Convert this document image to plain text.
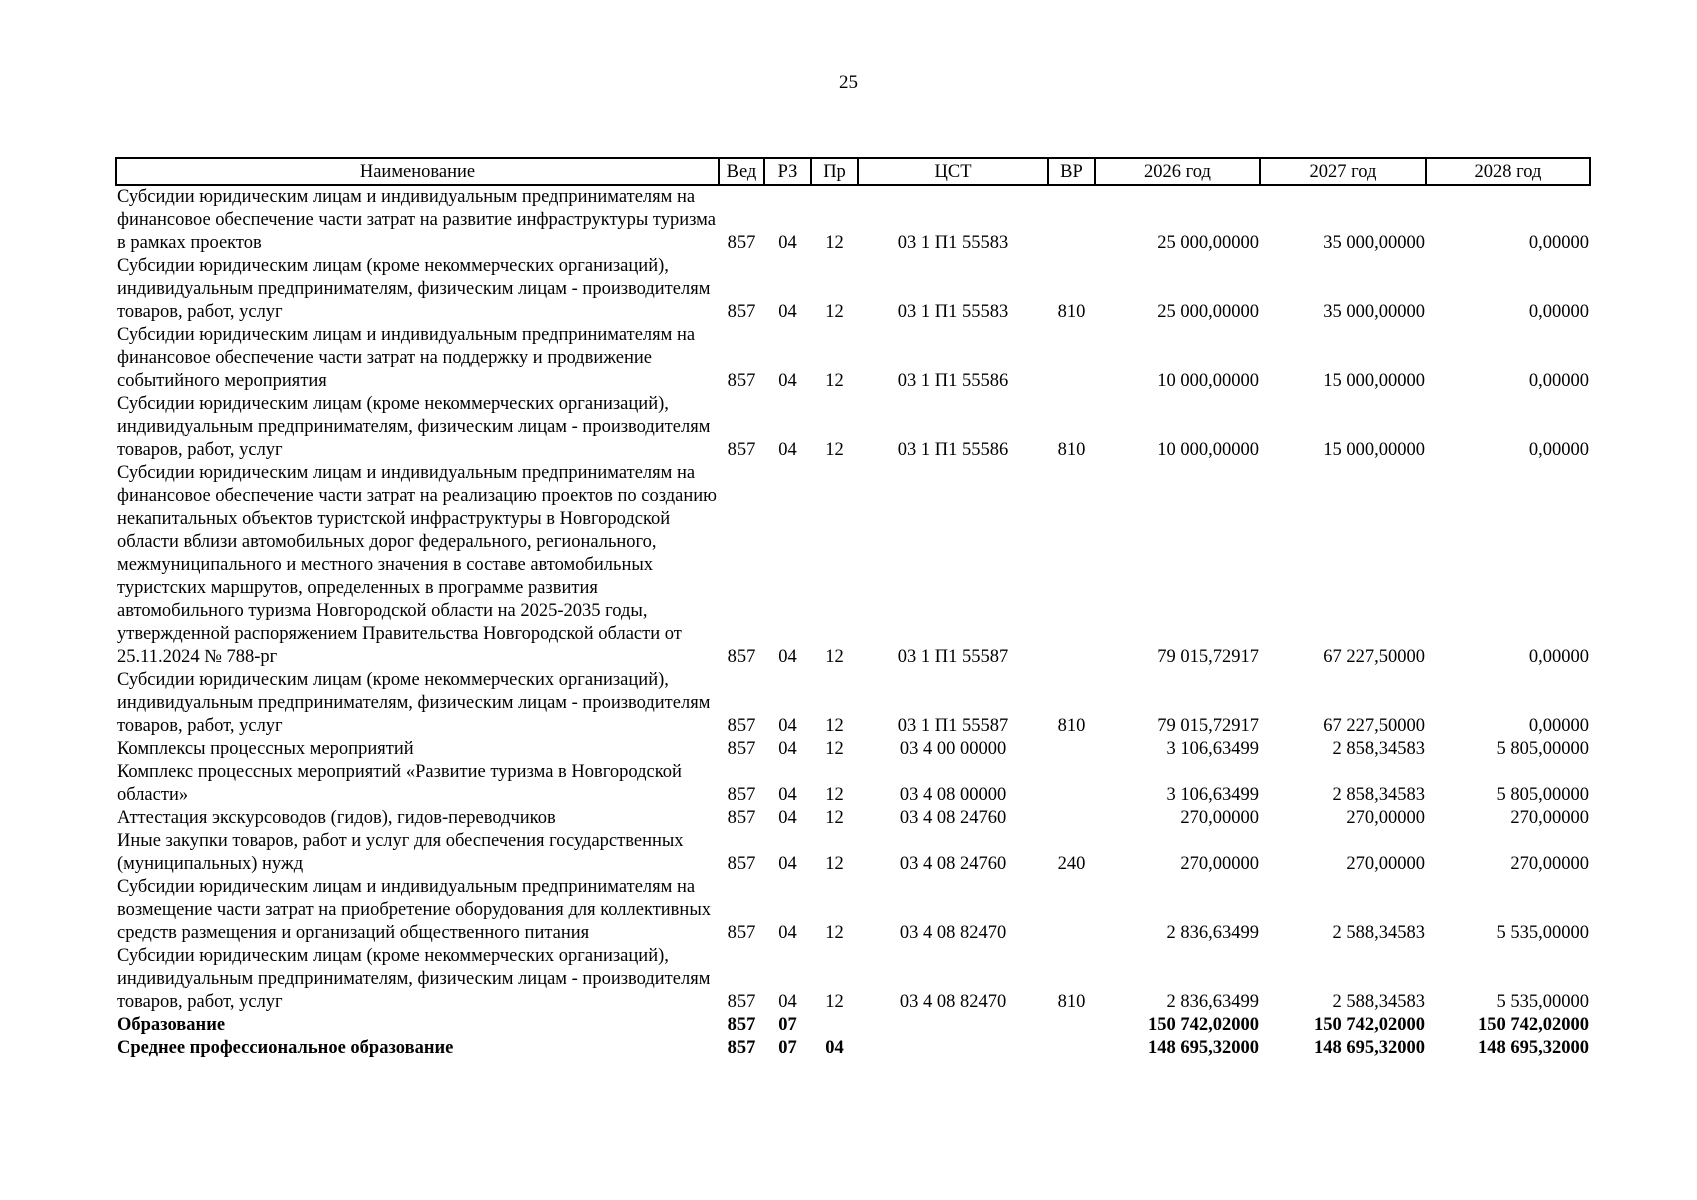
25
Наименование	Вед	РЗ	Пр	ЦСТ	ВР	2026 год	2027 год	2028 год
Субсидии юридическим лицам и индивидуальным предпринимателям на финансовое обеспечение части затрат на развитие инфраструктуры туризма в рамках проектов	857	04	12	03 1 П1 55583		25 000,00000	35 000,00000	0,00000
Субсидии юридическим лицам (кроме некоммерческих организаций), индивидуальным предпринимателям, физическим лицам - производителям товаров, работ, услуг	857	04	12	03 1 П1 55583	810	25 000,00000	35 000,00000	0,00000
Субсидии юридическим лицам и индивидуальным предпринимателям на финансовое обеспечение части затрат на поддержку и продвижение событийного мероприятия	857	04	12	03 1 П1 55586		10 000,00000	15 000,00000	0,00000
Субсидии юридическим лицам (кроме некоммерческих организаций), индивидуальным предпринимателям, физическим лицам - производителям товаров, работ, услуг	857	04	12	03 1 П1 55586	810	10 000,00000	15 000,00000	0,00000
Субсидии юридическим лицам и индивидуальным предпринимателям на финансовое обеспечение части затрат на реализацию проектов по созданию некапитальных объектов туристской инфраструктуры в Новгородской области вблизи автомобильных дорог федерального, регионального, межмуниципального и местного значения в составе автомобильных туристских маршрутов, определенных в программе развития автомобильного туризма Новгородской области на 2025-2035 годы, утвержденной распоряжением Правительства Новгородской области от 25.11.2024 № 788-рг	857	04	12	03 1 П1 55587		79 015,72917	67 227,50000	0,00000
Субсидии юридическим лицам (кроме некоммерческих организаций), индивидуальным предпринимателям, физическим лицам - производителям товаров, работ, услуг	857	04	12	03 1 П1 55587	810	79 015,72917	67 227,50000	0,00000
Комплексы процессных мероприятий	857	04	12	03 4 00 00000		3 106,63499	2 858,34583	5 805,00000
Комплекс процессных мероприятий «Развитие туризма в Новгородской области»	857	04	12	03 4 08 00000		3 106,63499	2 858,34583	5 805,00000
Аттестация экскурсоводов (гидов), гидов-переводчиков	857	04	12	03 4 08 24760		270,00000	270,00000	270,00000
Иные закупки товаров, работ и услуг для обеспечения государственных (муниципальных) нужд	857	04	12	03 4 08 24760	240	270,00000	270,00000	270,00000
Субсидии юридическим лицам и индивидуальным предпринимателям на возмещение части затрат на приобретение оборудования для коллективных средств размещения и организаций общественного питания	857	04	12	03 4 08 82470		2 836,63499	2 588,34583	5 535,00000
Субсидии юридическим лицам (кроме некоммерческих организаций), индивидуальным предпринимателям, физическим лицам - производителям товаров, работ, услуг	857	04	12	03 4 08 82470	810	2 836,63499	2 588,34583	5 535,00000
Образование	857	07				150 742,02000	150 742,02000	150 742,02000
Среднее профессиональное образование	857	07	04			148 695,32000	148 695,32000	148 695,32000
